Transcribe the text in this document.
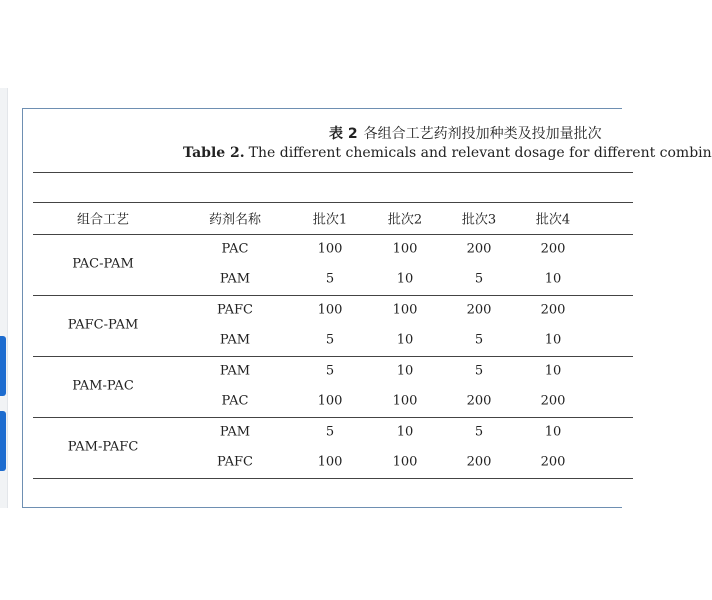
表 2 各组合工艺药剂投加种类及投加量批次
Table 2. The different chemicals and relevant dosage for different combin
组合工艺	药剂名称	批次1	批次2	批次3	批次4
PAC-PAM
PAC	100	100	200	200
PAM	5	10	5	10
PAFC-PAM
PAFC	100	100	200	200
PAM	5	10	5	10
PAM-PAC
PAM	5	10	5	10
PAC	100	100	200	200
PAM-PAFC
PAM	5	10	5	10
PAFC	100	100	200	200
